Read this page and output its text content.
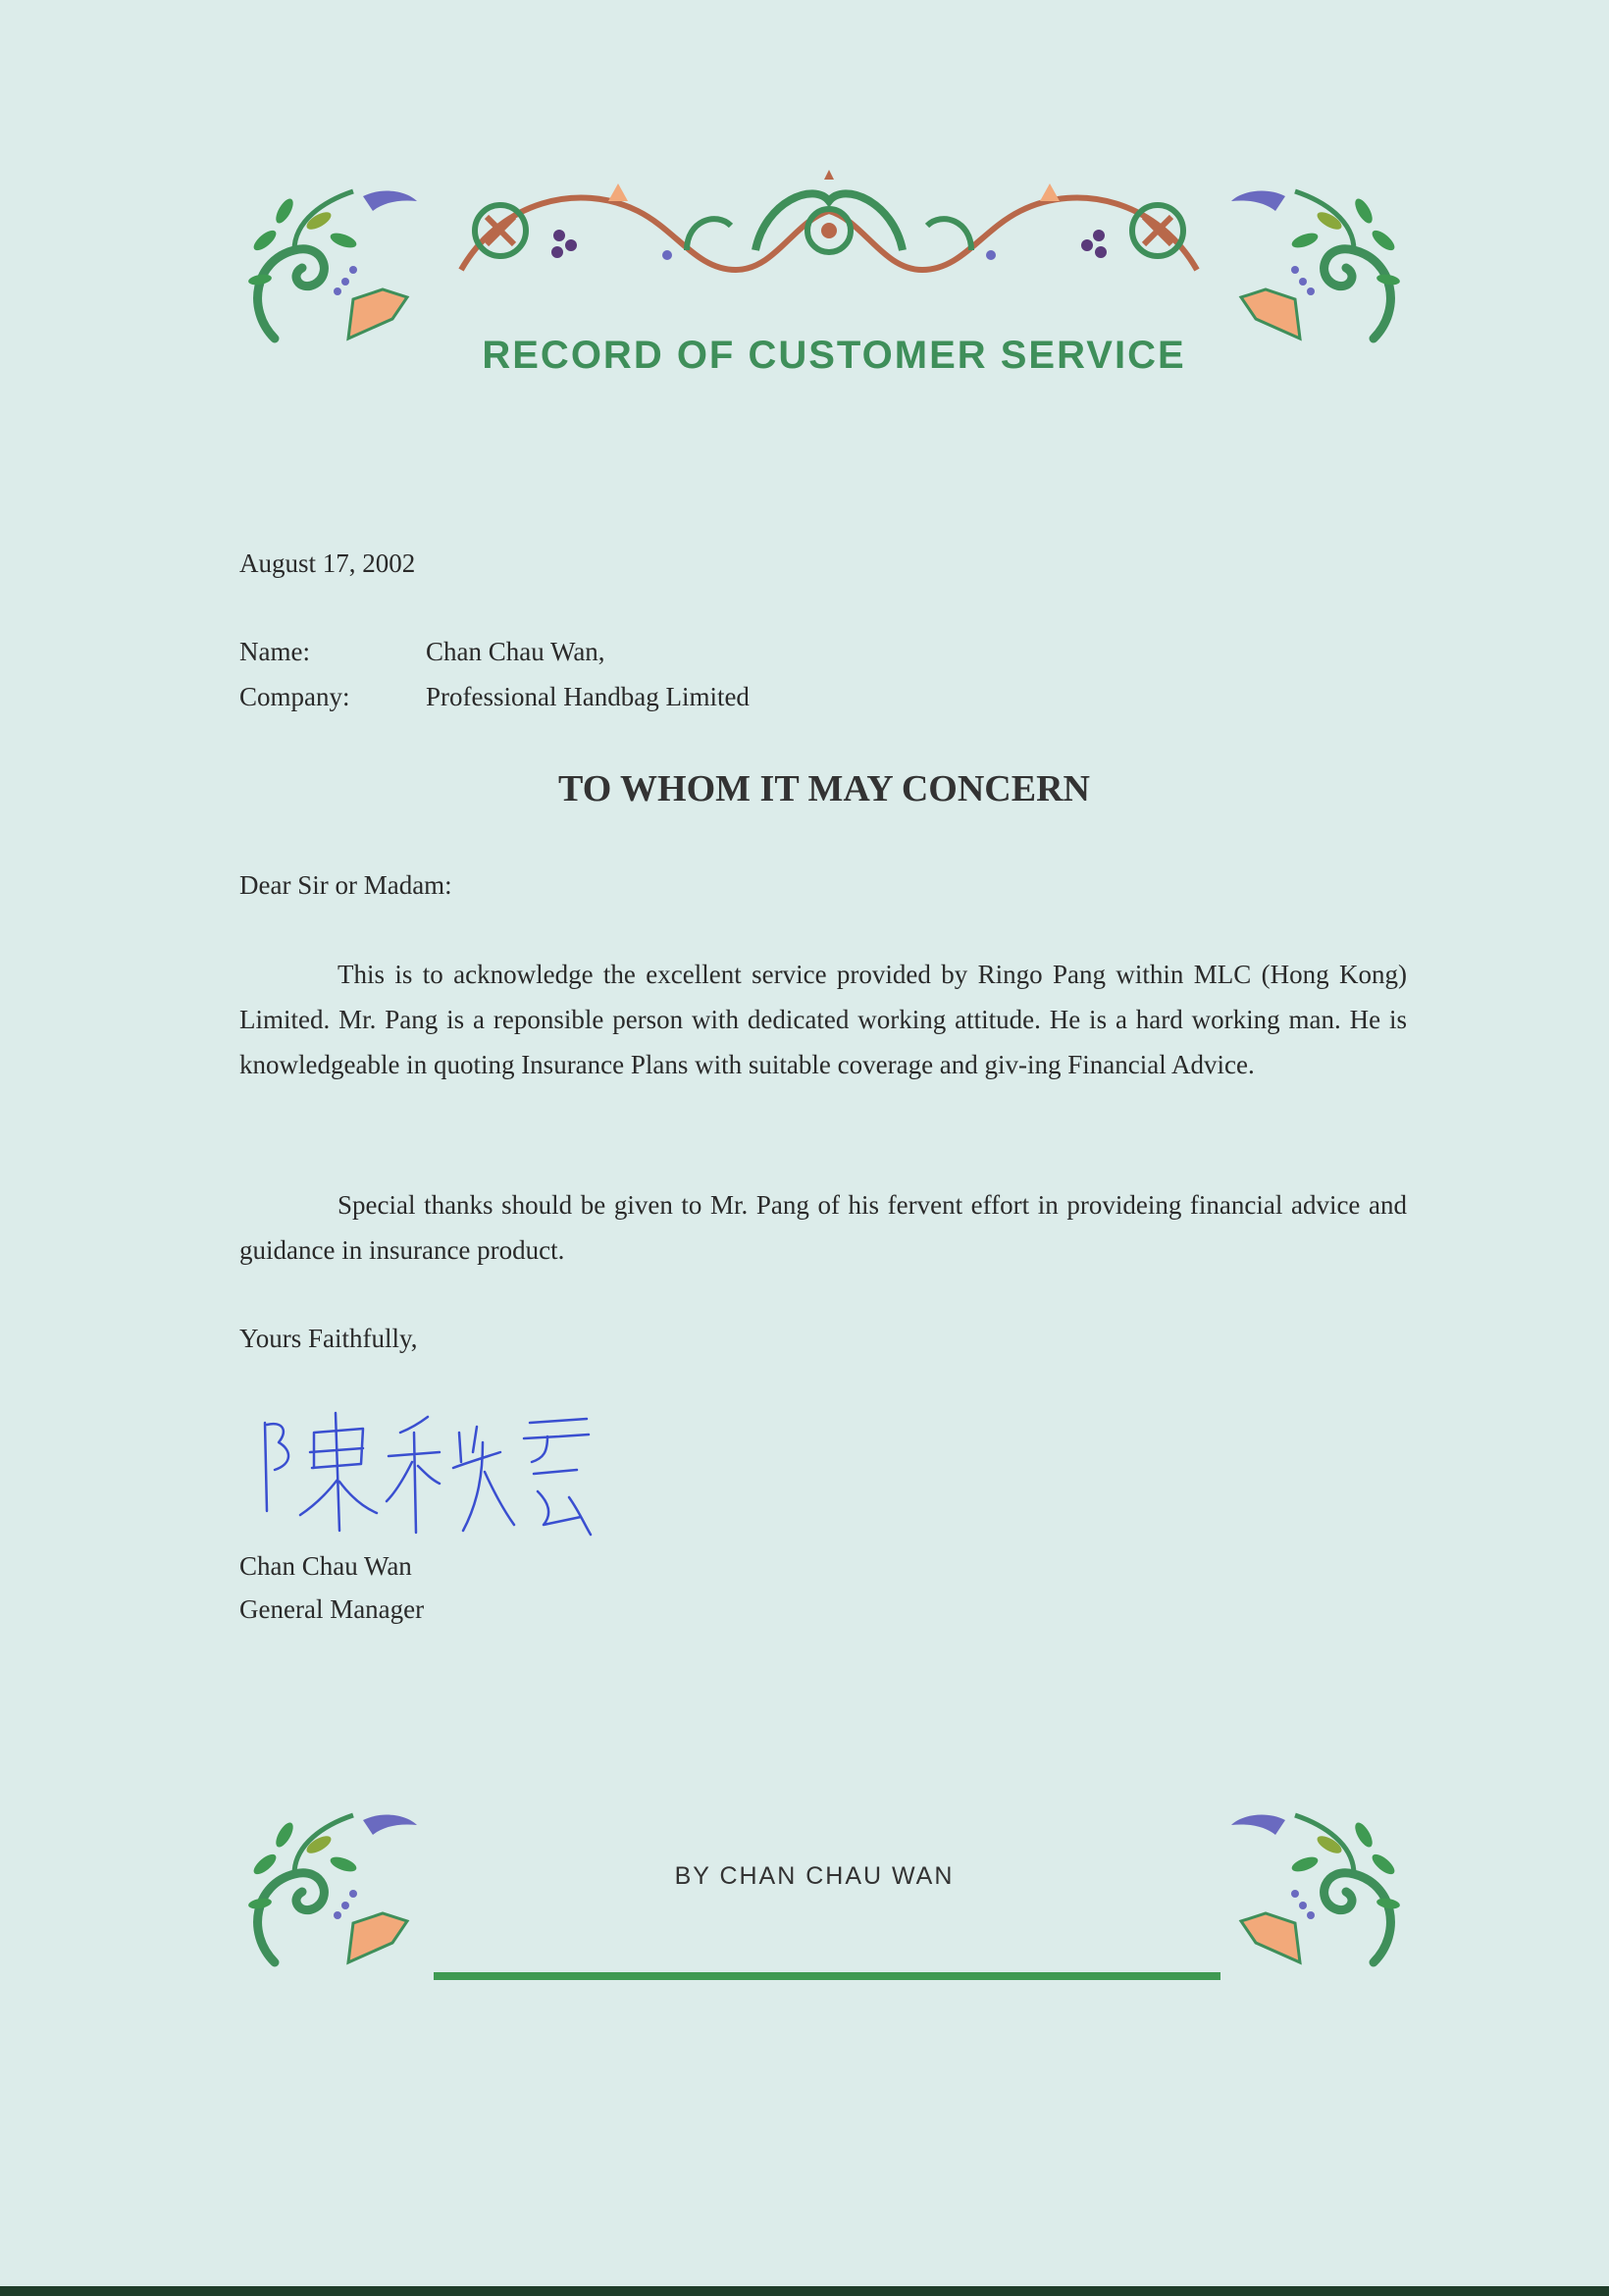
RECORD OF CUSTOMER SERVICE
August 17, 2002
Name:	Chan Chau Wan,
Company:	Professional Handbag Limited
TO WHOM IT MAY CONCERN
Dear Sir or Madam:
This is to acknowledge the excellent service provided by Ringo Pang within MLC (Hong Kong) Limited. Mr. Pang is a reponsible person with dedicated working attitude. He is a hard working man. He is knowledgeable in quoting Insurance Plans with suitable coverage and giv-ing Financial Advice.
Special thanks should be given to Mr. Pang of his fervent effort in provideing financial advice and guidance in insurance product.
Yours Faithfully,
Chan Chau Wan
General Manager
BY CHAN CHAU WAN
